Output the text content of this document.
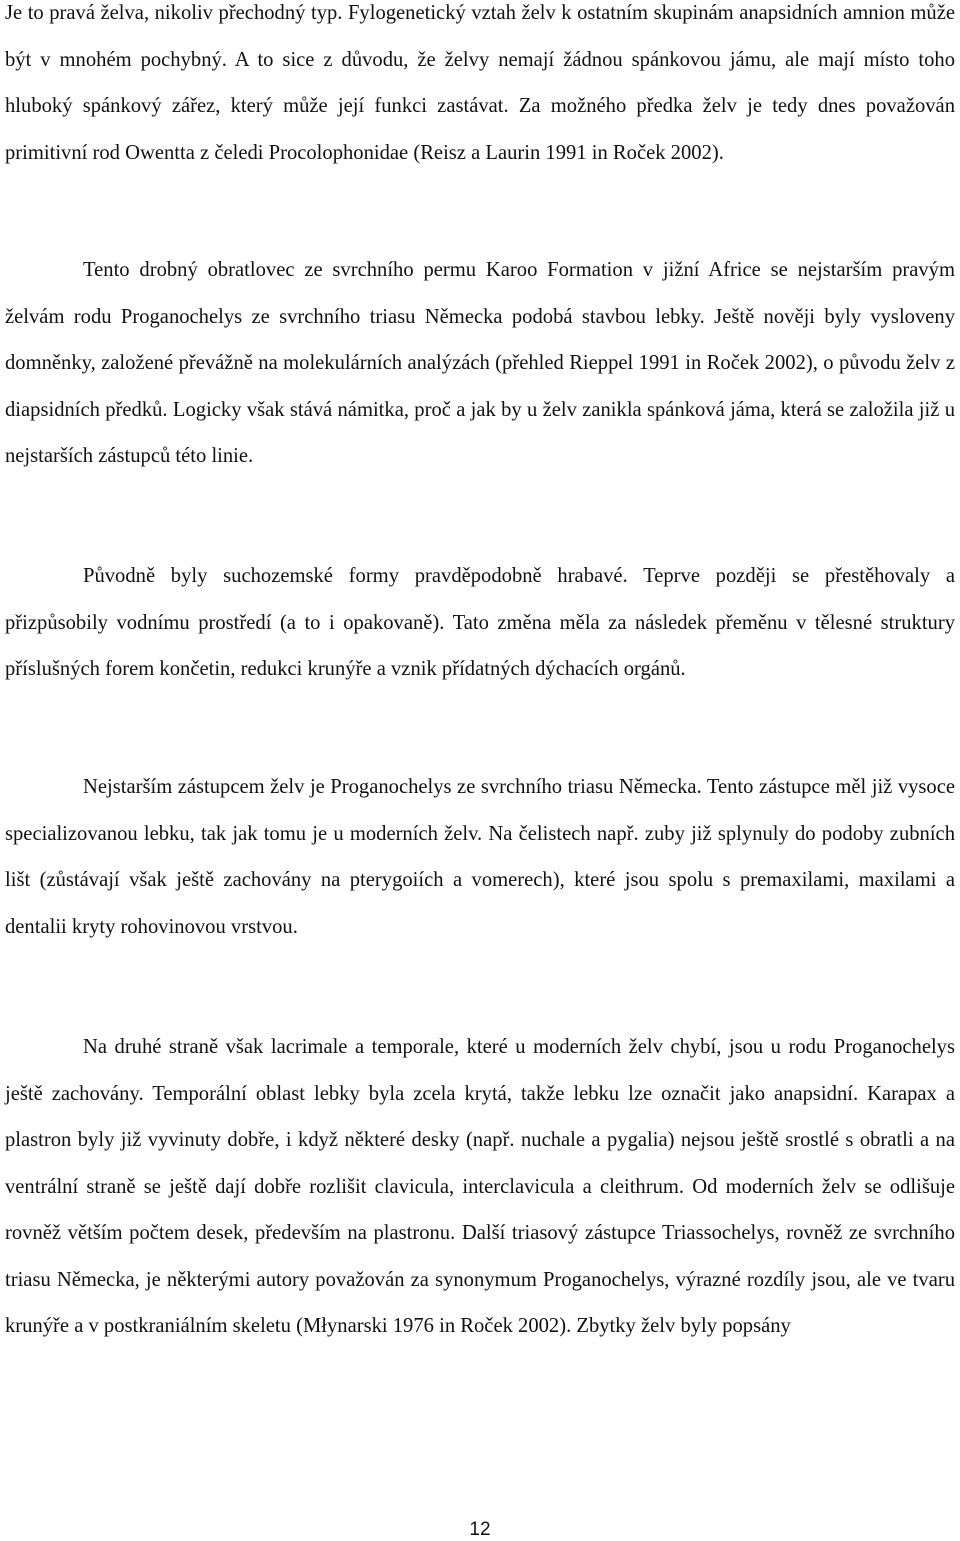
Je to pravá želva, nikoliv přechodný typ. Fylogenetický vztah želv k ostatním skupinám anapsidních amnion může být v mnohém pochybný. A to sice z důvodu, že želvy nemají žádnou spánkovou jámu, ale mají místo toho hluboký spánkový zářez, který může její funkci zastávat. Za možného předka želv je tedy dnes považován primitivní rod Owentta z čeledi Procolophonidae (Reisz a Laurin 1991 in Roček 2002).

Tento drobný obratlovec ze svrchního permu Karoo Formation v jižní Africe se nejstarším pravým želvám rodu Proganochelys ze svrchního triasu Německa podobá stavbou lebky. Ještě nověji byly vysloveny domněnky, založené převážně na molekulárních analýzách (přehled Rieppel 1991 in Roček 2002), o původu želv z diapsidních předků. Logicky však stává námitka, proč a jak by u želv zanikla spánková jáma, která se založila již u nejstarších zástupců této linie.

Původně byly suchozemské formy pravděpodobně hrabavé. Teprve později se přestěhovaly a přizpůsobily vodnímu prostředí (a to i opakovaně). Tato změna měla za následek přeměnu v tělesné struktury příslušných forem končetin, redukci krunýře a vznik přídatných dýchacích orgánů.

Nejstarším zástupcem želv je Proganochelys ze svrchního triasu Německa. Tento zástupce měl již vysoce specializovanou lebku, tak jak tomu je u moderních želv. Na čelistech např. zuby již splynuly do podoby zubních lišt (zůstávají však ještě zachovány na pterygoiích a vomerech), které jsou spolu s premaxilami, maxilami a dentalii kryty rohovinovou vrstvou.

Na druhé straně však lacrimale a temporale, které u moderních želv chybí, jsou u rodu Proganochelys ještě zachovány. Temporální oblast lebky byla zcela krytá, takže lebku lze označit jako anapsidní. Karapax a plastron byly již vyvinuty dobře, i když některé desky (např. nuchale a pygalia) nejsou ještě srostlé s obratli a na ventrální straně se ještě dají dobře rozlišit clavicula, interclavicula a cleithrum. Od moderních želv se odlišuje rovněž větším počtem desek, především na plastronu. Další triasový zástupce Triassochelys, rovněž ze svrchního triasu Německa, je některými autory považován za synonymum Proganochelys, výrazné rozdíly jsou, ale ve tvaru krunýře a v postkraniálním skeletu (Młynarski 1976 in Roček 2002). Zbytky želv byly popsány

12
